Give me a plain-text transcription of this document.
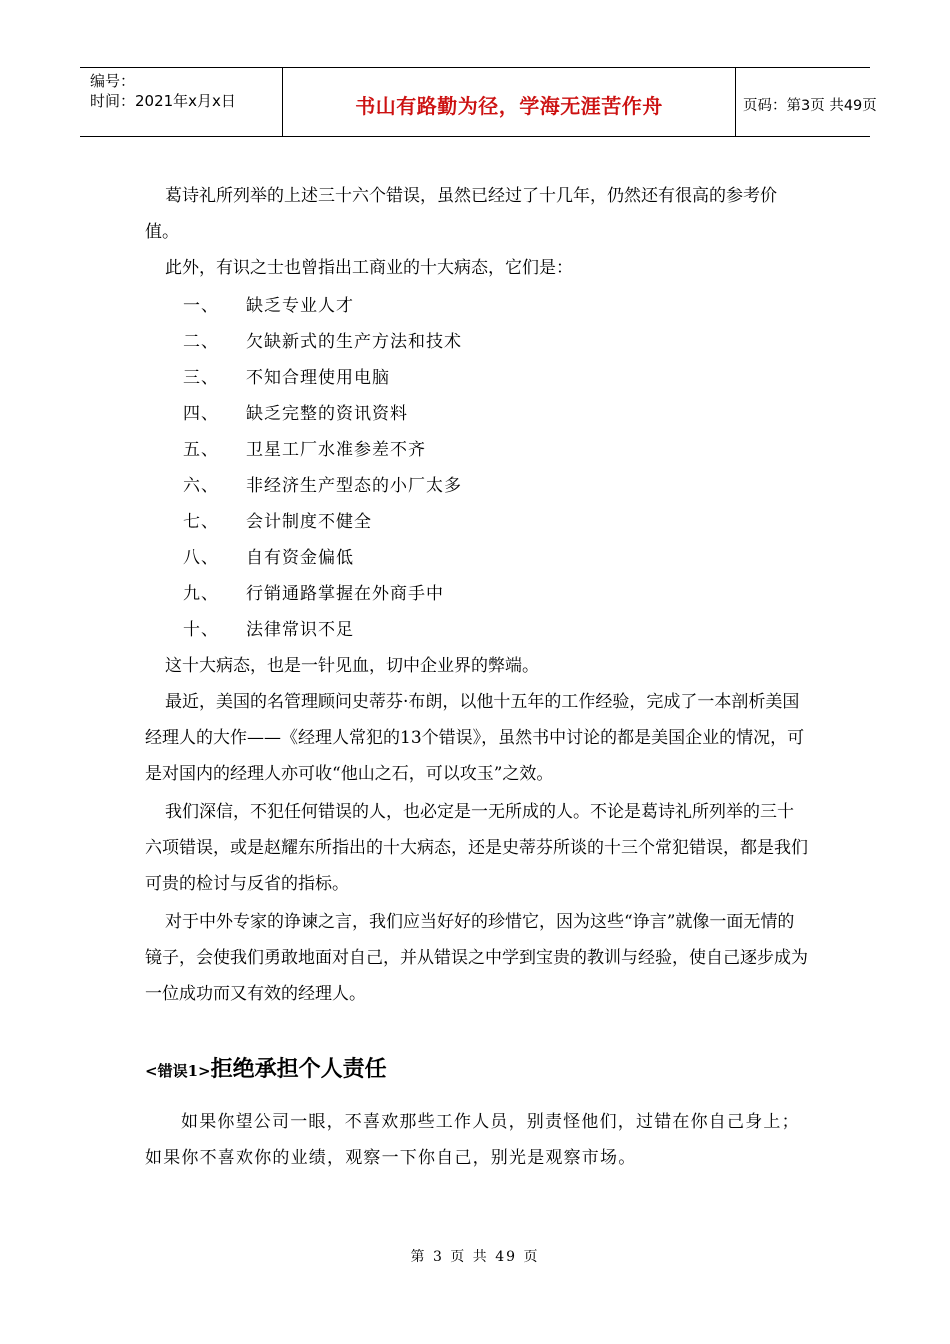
编号：
时间：2021年x月x日	书山有路勤为径，学海无涯苦作舟	页码：第3页 共49页

葛诗礼所列举的上述三十六个错误，虽然已经过了十几年，仍然还有很高的参考价值。

此外，有识之士也曾指出工商业的十大病态，它们是：

一、 缺乏专业人才
二、 欠缺新式的生产方法和技术
三、 不知合理使用电脑
四、 缺乏完整的资讯资料
五、 卫星工厂水准参差不齐
六、 非经济生产型态的小厂太多
七、 会计制度不健全
八、 自有资金偏低
九、 行销通路掌握在外商手中
十、 法律常识不足

这十大病态，也是一针见血，切中企业界的弊端。

最近，美国的名管理顾问史蒂芬·布朗，以他十五年的工作经验，完成了一本剖析美国经理人的大作——《经理人常犯的13个错误》，虽然书中讨论的都是美国企业的情况，可是对国内的经理人亦可收“他山之石，可以攻玉”之效。

我们深信，不犯任何错误的人，也必定是一无所成的人。不论是葛诗礼所列举的三十六项错误，或是赵耀东所指出的十大病态，还是史蒂芬所谈的十三个常犯错误，都是我们可贵的检讨与反省的指标。

对于中外专家的诤谏之言，我们应当好好的珍惜它，因为这些“诤言”就像一面无情的镜子，会使我们勇敢地面对自己，并从错误之中学到宝贵的教训与经验，使自己逐步成为一位成功而又有效的经理人。

<错误1>拒绝承担个人责任

如果你望公司一眼，不喜欢那些工作人员，别责怪他们，过错在你自己身上；如果你不喜欢你的业绩，观察一下你自己，别光是观察市场。

第 3 页 共 49 页
